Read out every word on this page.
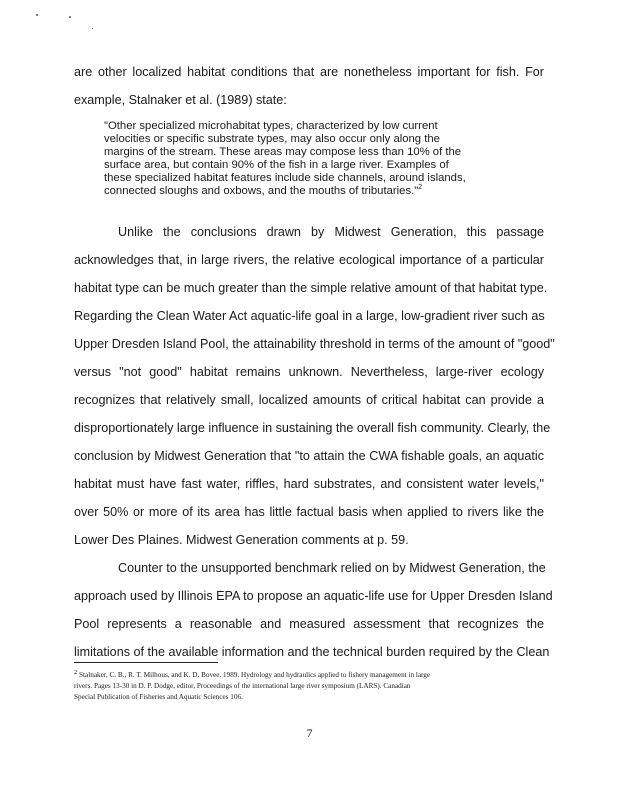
are other localized habitat conditions that are nonetheless important for fish. For
example, Stalnaker et al. (1989) state:
"Other specialized microhabitat types, characterized by low current
velocities or specific substrate types, may also occur only along the
margins of the stream. These areas may compose less than 10% of the
surface area, but contain 90% of the fish in a large river. Examples of
these specialized habitat features include side channels, around islands,
connected sloughs and oxbows, and the mouths of tributaries."$^2$
Unlike the conclusions drawn by Midwest Generation, this passage
acknowledges that, in large rivers, the relative ecological importance of a particular
habitat type can be much greater than the simple relative amount of that habitat type.
Regarding the Clean Water Act aquatic-life goal in a large, low-gradient river such as
Upper Dresden Island Pool, the attainability threshold in terms of the amount of "good"
versus "not good" habitat remains unknown. Nevertheless, large-river ecology
recognizes that relatively small, localized amounts of critical habitat can provide a
disproportionately large influence in sustaining the overall fish community. Clearly, the
conclusion by Midwest Generation that "to attain the CWA fishable goals, an aquatic
habitat must have fast water, riffles, hard substrates, and consistent water levels,"
over 50% or more of its area has little factual basis when applied to rivers like the
Lower Des Plaines. Midwest Generation comments at p. 59.
Counter to the unsupported benchmark relied on by Midwest Generation, the
approach used by Illinois EPA to propose an aquatic-life use for Upper Dresden Island
Pool represents a reasonable and measured assessment that recognizes the
limitations of the available information and the technical burden required by the Clean
$^2$ Stalnaker, C. B., R. T. Milhous, and K. D. Bovee. 1989. Hydrology and hydraulics applied to fishery management in large
rivers. Pages 13-30 in D. P. Dodge, editor, Proceedings of the international large river symposium (LARS). Canadian
Special Publication of Fisheries and Aquatic Sciences 106.
7
